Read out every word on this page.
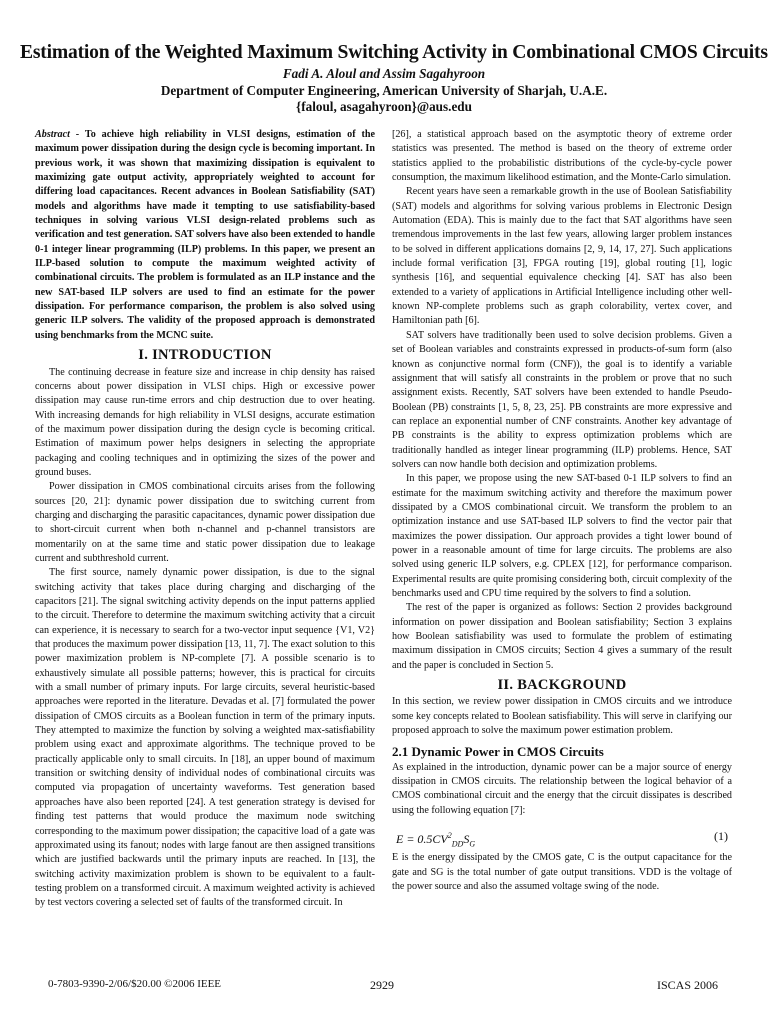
Estimation of the Weighted Maximum Switching Activity in Combinational CMOS Circuits
Fadi A. Aloul and Assim Sagahyroon
Department of Computer Engineering, American University of Sharjah, U.A.E.
{faloul, asagahyroon}@aus.edu

Abstract - To achieve high reliability in VLSI designs, estimation of the maximum power dissipation during the design cycle is becoming important. In previous work, it was shown that maximizing dissipation is equivalent to maximizing gate output activity, appropriately weighted to account for differing load capacitances. Recent advances in Boolean Satisfiability (SAT) models and algorithms have made it tempting to use satisfiability-based techniques in solving various VLSI design-related problems such as verification and test generation. SAT solvers have also been extended to handle 0-1 integer linear programming (ILP) problems. In this paper, we present an ILP-based solution to compute the maximum weighted activity of combinational circuits. The problem is formulated as an ILP instance and the new SAT-based ILP solvers are used to find an estimate for the power dissipation. For performance comparison, the problem is also solved using generic ILP solvers. The validity of the proposed approach is demonstrated using benchmarks from the MCNC suite.

I. INTRODUCTION

The continuing decrease in feature size and increase in chip density has raised concerns about power dissipation in VLSI chips. High or excessive power dissipation may cause run-time errors and chip destruction due to over heating. With increasing demands for high reliability in VLSI designs, accurate estimation of the maximum power dissipation during the design cycle is becoming critical. Estimation of maximum power helps designers in selecting the appropriate packaging and cooling techniques and in optimizing the sizes of the power and ground buses.

Power dissipation in CMOS combinational circuits arises from the following sources [20, 21]: dynamic power dissipation due to switching current from charging and discharging the parasitic capacitances, dynamic power dissipation due to short-circuit current when both n-channel and p-channel transistors are momentarily on at the same time and static power dissipation due to leakage current and subthreshold current.

The first source, namely dynamic power dissipation, is due to the signal switching activity that takes place during charging and discharging of the capacitors [21]. The signal switching activity depends on the input patterns applied to the circuit. Therefore to determine the maximum switching activity that a circuit can experience, it is necessary to search for a two-vector input sequence {V1, V2} that produces the maximum power dissipation [13, 11, 7]. The exact solution to this power maximization problem is NP-complete [7]. A possible scenario is to exhaustively simulate all possible patterns; however, this is practical for circuits with a small number of primary inputs. For large circuits, several heuristic-based approaches were reported in the literature. Devadas et al. [7] formulated the power dissipation of CMOS circuits as a Boolean function in term of the primary inputs. They attempted to maximize the function by solving a weighted max-satisfiability problem using exact and approximate algorithms. The technique proved to be practically applicable only to small circuits. In [18], an upper bound of maximum transition or switching density of individual nodes of combinational circuits was computed via propagation of uncertainty waveforms. Test generation based approaches have also been reported [24]. A test generation strategy is devised for finding test patterns that would produce the maximum node switching corresponding to the maximum power dissipation; the capacitive load of a gate was approximated using its fanout; nodes with large fanout are then assigned transitions which are justified backwards until the primary inputs are reached. In [13], the switching activity maximization problem is shown to be equivalent to a fault-testing problem on a transformed circuit. A maximum weighted activity is achieved by test vectors covering a selected set of faults of the transformed circuit. In

[26], a statistical approach based on the asymptotic theory of extreme order statistics was presented. The method is based on the theory of extreme order statistics applied to the probabilistic distributions of the cycle-by-cycle power consumption, the maximum likelihood estimation, and the Monte-Carlo simulation.

Recent years have seen a remarkable growth in the use of Boolean Satisfiability (SAT) models and algorithms for solving various problems in Electronic Design Automation (EDA). This is mainly due to the fact that SAT algorithms have seen tremendous improvements in the last few years, allowing larger problem instances to be solved in different applications domains [2, 9, 14, 17, 27]. Such applications include formal verification [3], FPGA routing [19], global routing [1], logic synthesis [16], and sequential equivalence checking [4]. SAT has also been extended to a variety of applications in Artificial Intelligence including other well-known NP-complete problems such as graph colorability, vertex cover, and Hamiltonian path [6].

SAT solvers have traditionally been used to solve decision problems. Given a set of Boolean variables and constraints expressed in products-of-sum form (also known as conjunctive normal form (CNF)), the goal is to identify a variable assignment that will satisfy all constraints in the problem or prove that no such assignment exists. Recently, SAT solvers have been extended to handle Pseudo-Boolean (PB) constraints [1, 5, 8, 23, 25]. PB constraints are more expressive and can replace an exponential number of CNF constraints. Another key advantage of PB constraints is the ability to express optimization problems which are traditionally handled as integer linear programming (ILP) problems. Hence, SAT solvers can now handle both decision and optimization problems.

In this paper, we propose using the new SAT-based 0-1 ILP solvers to find an estimate for the maximum switching activity and therefore the maximum power dissipated by a CMOS combinational circuit. We transform the problem to an optimization instance and use SAT-based ILP solvers to find the vector pair that maximizes the power dissipation. Our approach provides a tight lower bound of power in a reasonable amount of time for large circuits. The problems are also solved using generic ILP solvers, e.g. CPLEX [12], for performance comparison. Experimental results are quite promising considering both, circuit complexity of the benchmarks used and CPU time required by the solvers to find a solution.

The rest of the paper is organized as follows: Section 2 provides background information on power dissipation and Boolean satisfiability; Section 3 explains how Boolean satisfiability was used to formulate the problem of estimating maximum dissipation in CMOS circuits; Section 4 gives a summary of the result and the paper is concluded in Section 5.

II. BACKGROUND

In this section, we review power dissipation in CMOS circuits and we introduce some key concepts related to Boolean satisfiability. This will serve in clarifying our proposed approach to solve the maximum power estimation problem.

2.1 Dynamic Power in CMOS Circuits

As explained in the introduction, dynamic power can be a major source of energy dissipation in CMOS circuits. The relationship between the logical behavior of a CMOS combinational circuit and the energy that the circuit dissipates is described using the following equation [7]:

$E = 0.5CV^2_{DD}S_G$
(1)

E is the energy dissipated by the CMOS gate, C is the output capacitance for the gate and SG is the total number of gate output transitions. VDD is the voltage of the power source and also the assumed voltage swing of the node.

0-7803-9390-2/06/$20.00 ©2006 IEEE	2929	ISCAS 2006
